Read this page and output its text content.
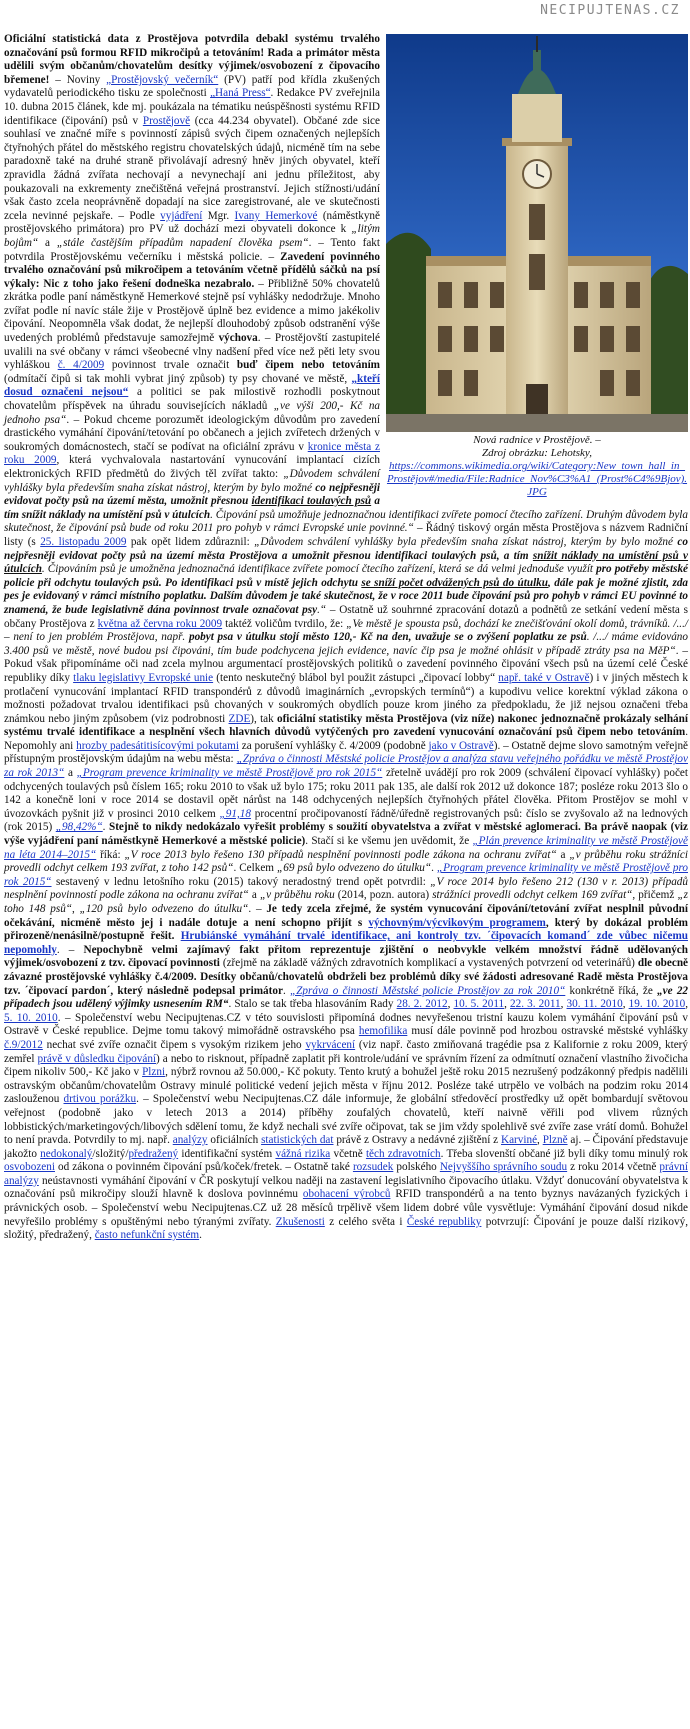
NECIPUJTENAS.CZ
Nová radnice v Prostějově. –
Zdroj obrázku: Lehotsky,
https://commons.wikimedia.org/wiki/Category:New_town_hall_in_Prostějov#/media/File:Radnice_Nov%C3%A1_(Prost%C4%9Bjov).JPG

Oficiální statistická data z Prostějova potvrdila debakl systému trvalého označování psů formou RFID mikročipů a tetováním! Rada a primátor města udělili svým občanům/chovatelům desítky výjimek/osvobození z čipovacího břemene! – Noviny „Prostějovský večerník“ (PV) patří pod křídla zkušených vydavatelů periodického tisku ze společnosti „Haná Press“. Redakce PV zveřejnila 10. dubna 2015 článek, kde mj. poukázala na tématiku neúspěšnosti systému RFID identifikace (čipování) psů v Prostějově (cca 44.234 obyvatel). Občané zde sice souhlasí ve značné míře s povinností zápisů svých čipem označených nejlepších čtyřnohých přátel do městského registru chovatelských údajů, nicméně tím na sebe paradoxně také na druhé straně přivolávají adresný hněv jiných obyvatel, kteří zpravidla žádná zvířata nechovají a nevynechají ani jednu příležitost, aby poukazovali na exkrementy znečištěná veřejná prostranství. Jejich stížnosti/udání však často zcela neoprávněně dopadají na sice zaregistrované, ale ve skutečnosti zcela nevinné pejskaře. – Podle vyjádření Mgr. Ivany Hemerkové (náměstkyně prostějovského primátora) pro PV už dochází mezi obyvateli dokonce k „litým bojům“ a „stále častějším případům napadení člověka psem“. – Tento fakt potvrdila Prostějovskému večerníku i městská policie. – Zavedení povinného trvalého označování psů mikročipem a tetováním včetně přídělů sáčků na psí výkaly: Nic z toho jako řešení dodneška nezabralo. – Přibližně 50% chovatelů zkrátka podle paní náměstkyně Hemerkové stejně psí vyhlášky nedodržuje. Mnoho zvířat podle ní navíc stále žije v Prostějově úplně bez evidence a mimo jakékoliv čipování. Neopomněla však dodat, že nejlepší dlouhodobý způsob odstranění výše uvedených problémů představuje samozřejmě výchova. – Prostějovští zastupitelé uvalili na své občany v rámci všeobecné vlny nadšení před více než pěti lety svou vyhláškou č. 4/2009 povinnost trvale označit buď čipem nebo tetováním (odmítačí čipů si tak mohli vybrat jiný způsob) ty psy chované ve městě, „kteří dosud označeni nejsou“ a politici se pak milostivě rozhodli poskytnout chovatelům příspěvek na úhradu souvisejících nákladů „ve výši 200,- Kč na jednoho psa“. – Pokud chceme porozumět ideologickým důvodům pro zavedení drastického vymáhání čipování/tetování po občanech a jejich zvířetech držených v soukromých domácnostech, stačí se podívat na oficiální zprávu v kronice města z roku 2009, která vychvalovala nastartování vynucování implantací cizích elektronických RFID předmětů do živých těl zvířat takto: „Důvodem schválení vyhlášky byla především snaha získat nástroj, kterým by bylo možné co nejpřesněji evidovat počty psů na území města, umožnit přesnou identifikaci toulavých psů a tím snížit náklady na umístění psů v útulcích. Čipování psů umožňuje jednoznačnou identifikaci zvířete pomocí čtecího zařízení. Druhým důvodem byla skutečnost, že čipování psů bude od roku 2011 pro pohyb v rámci Evropské unie povinné.“ – Řádný tiskový orgán města Prostějova s názvem Radniční listy (s 25. listopadu 2009 pak opět lidem zdůraznil: „Důvodem schválení vyhlášky byla především snaha získat nástroj, kterým by bylo možné co nejpřesněji evidovat počty psů na území města Prostějova a umožnit přesnou identifikaci toulavých psů, a tím snížit náklady na umístění psů v útulcích. Čipováním psů je umožněna jednoznačná identifikace zvířete pomocí čtecího zařízení, která se dá velmi jednoduše využít pro potřeby městské policie při odchytu toulavých psů. Po identifikaci psů v místě jejich odchytu se sníží počet odvážených psů do útulku, dále pak je možné zjistit, zda pes je evidovaný v rámci místního poplatku. Dalším důvodem je také skutečnost, že v roce 2011 bude čipování psů pro pohyb v rámci EU povinné to znamená, že bude legislativně dána povinnost trvale označovat psy.“ – Ostatně už souhrnné zpracování dotazů a podnětů ze setkání vedení města s občany Prostějova z května až června roku 2009 taktéž voličům tvrdilo, že: „Ve městě je spousta psů, dochází ke znečišťování okolí domů, trávníků. /.../ – není to jen problém Prostějova, např. pobyt psa v útulku stojí město 120,- Kč na den, uvažuje se o zvýšení poplatku ze psů. /.../ máme evidováno 3.400 psů ve městě, nové budou psi čipováni, tím bude podchycena jejich evidence, navíc čip psa je možné ohlásit v případě ztráty psa na MěP“. – Pokud však připomínáme oči nad zcela mylnou argumentací prostějovských politiků o zavedení povinného čipování všech psů na území celé České republiky díky tlaku legislativy Evropské unie (tento neskutečný blábol byl použit zástupci „čipovací lobby“ např. také v Ostravě) i v jiných městech k protlačení vynucování implantací RFID transpondérů z důvodů imaginárních „evropských termínů“) a kupodivu velice korektní výklad zákona o možnosti požadovat trvalou identifikaci psů chovaných v soukromých obydlích pouze krom jiného za předpokladu, že již nejsou označeni třeba známkou nebo jiným způsobem (viz podrobnosti ZDE), tak oficiální statistiky města Prostějova (viz níže) nakonec jednoznačně prokázaly selhání systému trvalé identifikace a nesplnění všech hlavních důvodů vytýčených pro zavedení vynucování označování psů čipem nebo tetováním. Nepomohly ani hrozby padesátitisícovými pokutami za porušení vyhlášky č. 4/2009 (podobně jako v Ostravě). – Ostatně dejme slovo samotným veřejně přístupným prostějovským údajům na webu města: „Zpráva o činnosti Městské policie Prostějov a analýza stavu veřejného pořádku ve městě Prostějov za rok 2013“ a „Program prevence kriminality ve městě Prostějově pro rok 2015“ zřetelně uvádějí pro rok 2009 (schválení čipovací vyhlášky) počet odchycených toulavých psů číslem 165; roku 2010 to však už bylo 175; roku 2011 pak 135, ale další rok 2012 už dokonce 187; posléze roku 2013 šlo o 142 a konečně loni v roce 2014 se dostavil opět nárůst na 148 odchycených nejlepších čtyřnohých přátel člověka. Přitom Prostějov se mohl v úvozovkách pyšnit již v prosinci 2010 celkem „91,18 procentní pročipovaností řádně/úředně registrovaných psů: číslo se zvyšovalo až na lednových (rok 2015) „98,42%“. Stejně to nikdy nedokázalo vyřešit problémy s soužití obyvatelstva a zvířat v městské aglomeraci. Ba právě naopak (viz výše vyjádření paní náměstkyně Hemerkové a městské policie). Stačí si ke všemu jen uvědomit, že „Plán prevence kriminality ve městě Prostějově na léta 2014–2015“ říká: „V roce 2013 bylo řešeno 130 případů nesplnění povinnosti podle zákona na ochranu zvířat“ a „v průběhu roku strážníci provedli odchyt celkem 193 zvířat, z toho 142 psů“. Celkem „69 psů bylo odvezeno do útulku“. „Program prevence kriminality ve městě Prostějově pro rok 2015“ sestavený v lednu letošního roku (2015) takový neradostný trend opět potvrdil: „V roce 2014 bylo řešeno 212 (130 v r. 2013) případů nesplnění povinností podle zákona na ochranu zvířat“ a „v průběhu roku (2014, pozn. autora) strážníci provedli odchyt celkem 169 zvířat“, přičemž „z toho 148 psů“, „120 psů bylo odvezeno do útulku“. – Je tedy zcela zřejmé, že systém vynucování čipování/tetování zvířat nesplnil původní očekávání, nicméně město jej i nadále dotuje a není schopno přijít s výchovným/výcvikovým programem, který by dokázal problém přirozeně/nenásilně/postupně řešit. Hrubiánské vymáhání trvalé identifikace, ani kontroly tzv. ´čipovacích komand´ zde vůbec ničemu nepomohly. – Nepochybně velmi zajímavý fakt přitom reprezentuje zjištění o neobvykle velkém množství řádně udělovaných výjimek/osvobození z tzv. čipovací povinnosti (zřejmě na základě vážných zdravotních komplikací a vystavených potvrzení od veterinářů) dle obecně závazné prostějovské vyhlášky č.4/2009. Desítky občanů/chovatelů obdrželi bez problémů díky své žádosti adresované Radě města Prostějova tzv. ´čipovací pardon´, který následně podepsal primátor. „Zpráva o činnosti Městské policie Prostějov za rok 2010“ konkrétně říká, že „ve 22 případech jsou udělený výjimky usnesením RM“. Stalo se tak třeba hlasováním Rady 28. 2. 2012, 10. 5. 2011, 22. 3. 2011, 30. 11. 2010, 19. 10. 2010, 5. 10. 2010. – Společenství webu Necipujtenas.CZ v této souvislosti připomíná dodnes nevyřešenou tristní kauzu kolem vymáhání čipování psů v Ostravě v České republice. Dejme tomu takový mimořádně ostravského psa hemofilika musí dále povinně pod hrozbou ostravské městské vyhlášky č.9/2012 nechat své zvíře označit čipem s vysokým rizikem jeho vykrvácení (viz např. často zmiňovaná tragédie psa z Kalifornie z roku 2009, který zemřel právě v důsledku čipování) a nebo to risknout, případně zaplatit při kontrole/udání ve správním řízení za odmítnutí označení vlastního živočicha čipem nikoliv 500,- Kč jako v Plzni, nýbrž rovnou až 50.000,- Kč pokuty. Tento krutý a bohužel ještě roku 2015 nezrušený podzákonný předpis nadělili ostravským občanům/chovatelům Ostravy minulé politické vedení jejich města v říjnu 2012. Posléze také utrpělo ve volbách na podzim roku 2014 zaslouženou drtivou porážku. – Společenství webu Necipujtenas.CZ dále informuje, že globální středověcí prostředky už opět bombardují světovou veřejnost (podobně jako v letech 2013 a 2014) příběhy zoufalých chovatelů, kteří naivně věřili pod vlivem různých lobbistických/marketingových/libových sdělení tomu, že když nechali své zvíře očipovat, tak se jim vždy spolehlivě své zvíře zase vrátí domů. Bohužel to není pravda. Potvrdily to mj. např. analýzy oficiálních statistických dat právě z Ostravy a nedávné zjištění z Karviné, Plzně aj. – Čipování představuje jakožto nedokonalý/složitý/předražený identifikační systém vážná rizika včetně těch zdravotních. Třeba slovenští občané již byli díky tomu minulý rok osvobozeni od zákona o povinném čipování psů/koček/fretek. – Ostatně také rozsudek polského Nejvyššího správního soudu z roku 2014 včetně právní analýzy neústavnosti vymáhání čipování v ČR poskytují velkou naději na zastavení legislativního čipovacího útlaku. Vždyť donucování obyvatelstva k označování psů mikročipy slouží hlavně k doslova povinnému obohacení výrobců RFID transpondérů a na tento byznys navázaných fyzických i právnických osob. – Společenství webu Necipujtenas.CZ už 28 měsíců trpělivě všem lidem dobré vůle vysvětluje: Vymáhání čipování dosud nikde nevyřešilo problémy s opuštěnými nebo týranými zvířaty. Zkušenosti z celého světa i České republiky potvrzují: Čipování je pouze další rizikový, složitý, předražený, často nefunkční systém.
